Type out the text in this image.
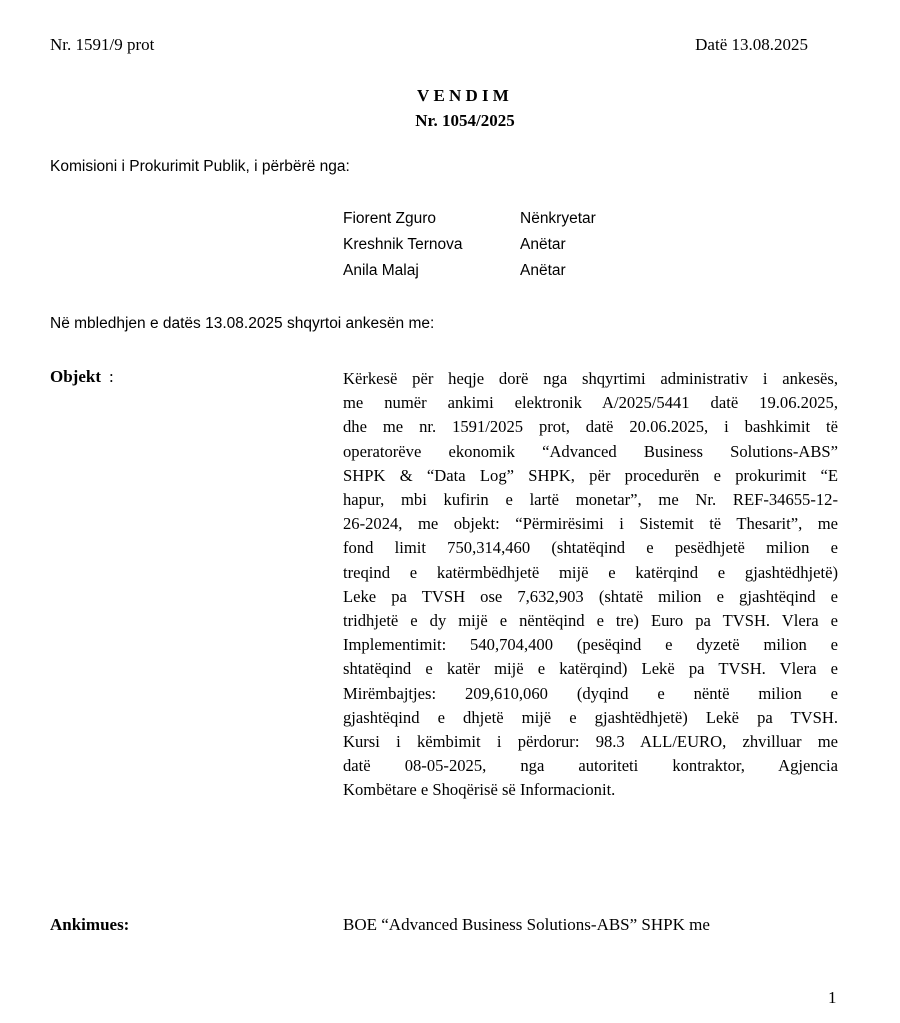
Nr. 1591/9 prot	Datë 13.08.2025
VENDIM
Nr. 1054/2025
Komisioni i Prokurimit Publik, i përbërë nga:
Fiorent Zguro	Nënkryetar
Kreshnik Ternova	Anëtar
Anila Malaj	Anëtar
Në mbledhjen e datës 13.08.2025 shqyrtoi ankesën me:
Objekt :	Kërkesë për heqje dorë nga shqyrtimi administrativ i ankesës,
me numër ankimi elektronik A/2025/5441 datë 19.06.2025,
dhe me nr. 1591/2025 prot, datë 20.06.2025, i bashkimit të
operatorëve ekonomik “Advanced Business Solutions-ABS”
SHPK & “Data Log” SHPK, për procedurën e prokurimit “E
hapur, mbi kufirin e lartë monetar”, me Nr. REF-34655-12-
26-2024, me objekt: “Përmirësimi i Sistemit të Thesarit”, me
fond limit 750,314,460 (shtatëqind e pesëdhjetë milion e
treqind e katërmbëdhjetë mijë e katërqind e gjashtëdhjetë)
Leke pa TVSH ose 7,632,903 (shtatë milion e gjashtëqind e
tridhjetë e dy mijë e nëntëqind e tre) Euro pa TVSH. Vlera e
Implementimit: 540,704,400 (pesëqind e dyzetë milion e
shtatëqind e katër mijë e katërqind) Lekë pa TVSH. Vlera e
Mirëmbajtjes: 209,610,060 (dyqind e nëntë milion e
gjashtëqind e dhjetë mijë e gjashtëdhjetë) Lekë pa TVSH.
Kursi i këmbimit i përdorur: 98.3 ALL/EURO, zhvilluar me
datë 08-05-2025, nga autoriteti kontraktor, Agjencia
Kombëtare e Shoqërisë së Informacionit.
Ankimues:	BOE “Advanced Business Solutions-ABS” SHPK me
1
